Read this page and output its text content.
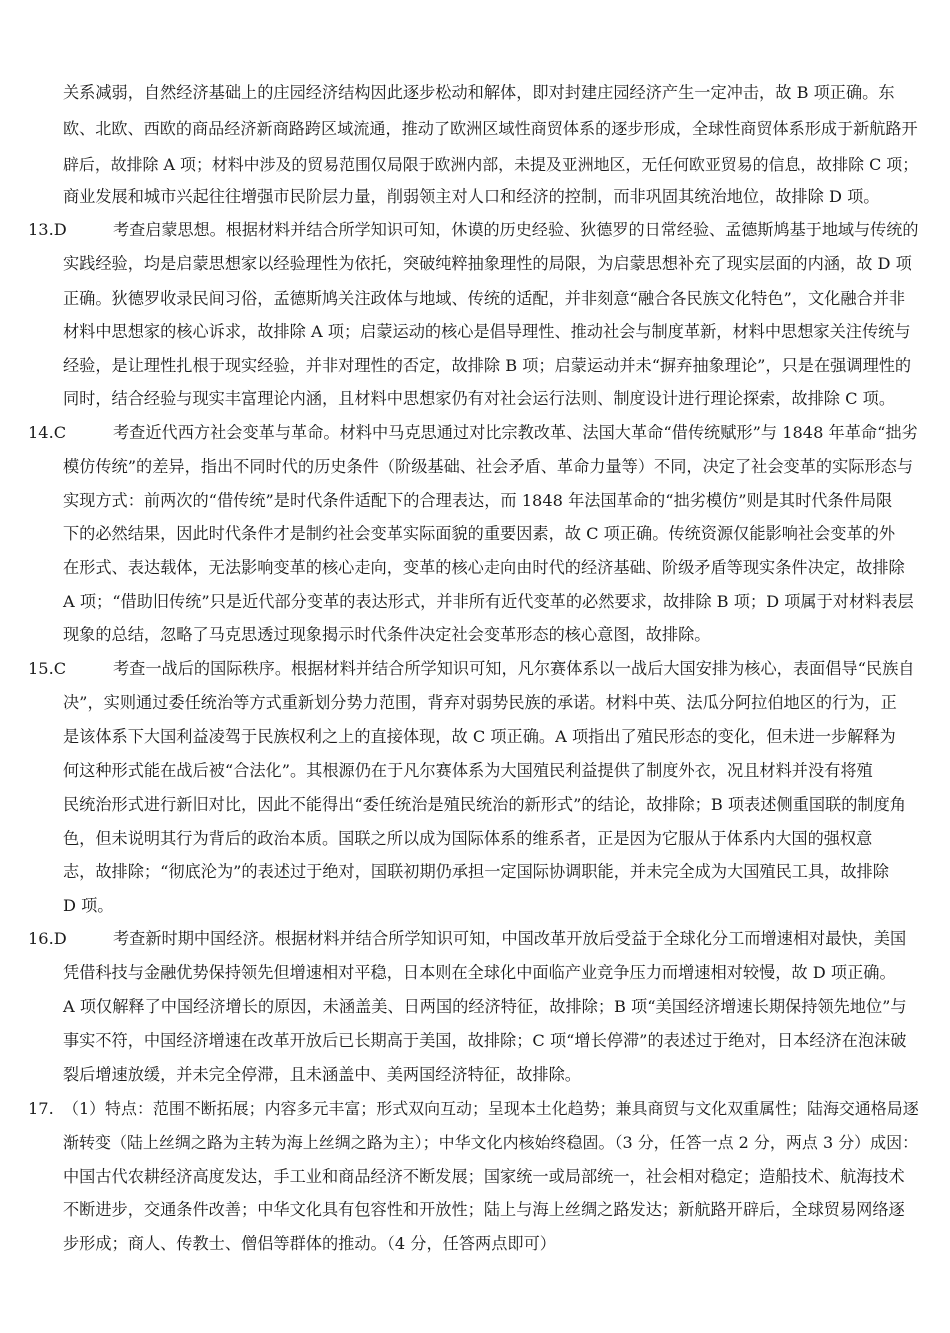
关系减弱，自然经济基础上的庄园经济结构因此逐步松动和解体，即对封建庄园经济产生一定冲击，故 B 项正确。东
欧、北欧、西欧的商品经济新商路跨区域流通，推动了欧洲区域性商贸体系的逐步形成，全球性商贸体系形成于新航路开
辟后，故排除 A 项；材料中涉及的贸易范围仅局限于欧洲内部，未提及亚洲地区，无任何欧亚贸易的信息，故排除 C 项；
商业发展和城市兴起往往增强市民阶层力量，削弱领主对人口和经济的控制，而非巩固其统治地位，故排除 D 项。
13.D	考查启蒙思想。根据材料并结合所学知识可知，休谟的历史经验、狄德罗的日常经验、孟德斯鸠基于地域与传统的
实践经验，均是启蒙思想家以经验理性为依托，突破纯粹抽象理性的局限，为启蒙思想补充了现实层面的内涵，故 D 项
正确。狄德罗收录民间习俗，孟德斯鸠关注政体与地域、传统的适配，并非刻意“融合各民族文化特色”，文化融合并非
材料中思想家的核心诉求，故排除 A 项；启蒙运动的核心是倡导理性、推动社会与制度革新，材料中思想家关注传统与
经验，是让理性扎根于现实经验，并非对理性的否定，故排除 B 项；启蒙运动并未“摒弃抽象理论”，只是在强调理性的
同时，结合经验与现实丰富理论内涵，且材料中思想家仍有对社会运行法则、制度设计进行理论探索，故排除 C 项。
14.C	考查近代西方社会变革与革命。材料中马克思通过对比宗教改革、法国大革命“借传统赋形”与 1848 年革命“拙劣
模仿传统”的差异，指出不同时代的历史条件（阶级基础、社会矛盾、革命力量等）不同，决定了社会变革的实际形态与
实现方式：前两次的“借传统”是时代条件适配下的合理表达，而 1848 年法国革命的“拙劣模仿”则是其时代条件局限
下的必然结果，因此时代条件才是制约社会变革实际面貌的重要因素，故 C 项正确。传统资源仅能影响社会变革的外
在形式、表达载体，无法影响变革的核心走向，变革的核心走向由时代的经济基础、阶级矛盾等现实条件决定，故排除
A 项；“借助旧传统”只是近代部分变革的表达形式，并非所有近代变革的必然要求，故排除 B 项；D 项属于对材料表层
现象的总结，忽略了马克思透过现象揭示时代条件决定社会变革形态的核心意图，故排除。
15.C	考查一战后的国际秩序。根据材料并结合所学知识可知，凡尔赛体系以一战后大国安排为核心，表面倡导“民族自
决”，实则通过委任统治等方式重新划分势力范围，背弃对弱势民族的承诺。材料中英、法瓜分阿拉伯地区的行为，正
是该体系下大国利益凌驾于民族权利之上的直接体现，故 C 项正确。A 项指出了殖民形态的变化，但未进一步解释为
何这种形式能在战后被“合法化”。其根源仍在于凡尔赛体系为大国殖民利益提供了制度外衣，况且材料并没有将殖
民统治形式进行新旧对比，因此不能得出“委任统治是殖民统治的新形式”的结论，故排除；B 项表述侧重国联的制度角
色，但未说明其行为背后的政治本质。国联之所以成为国际体系的维系者，正是因为它服从于体系内大国的强权意
志，故排除；“彻底沦为”的表述过于绝对，国联初期仍承担一定国际协调职能，并未完全成为大国殖民工具，故排除
D 项。
16.D	考查新时期中国经济。根据材料并结合所学知识可知，中国改革开放后受益于全球化分工而增速相对最快，美国
凭借科技与金融优势保持领先但增速相对平稳，日本则在全球化中面临产业竞争压力而增速相对较慢，故 D 项正确。
A 项仅解释了中国经济增长的原因，未涵盖美、日两国的经济特征，故排除；B 项“美国经济增速长期保持领先地位”与
事实不符，中国经济增速在改革开放后已长期高于美国，故排除；C 项“增长停滞”的表述过于绝对，日本经济在泡沫破
裂后增速放缓，并未完全停滞，且未涵盖中、美两国经济特征，故排除。
17. （1）特点：范围不断拓展；内容多元丰富；形式双向互动；呈现本土化趋势；兼具商贸与文化双重属性；陆海交通格局逐
渐转变（陆上丝绸之路为主转为海上丝绸之路为主）；中华文化内核始终稳固。（3 分，任答一点 2 分，两点 3 分）成因：
中国古代农耕经济高度发达，手工业和商品经济不断发展；国家统一或局部统一，社会相对稳定；造船技术、航海技术
不断进步，交通条件改善；中华文化具有包容性和开放性；陆上与海上丝绸之路发达；新航路开辟后，全球贸易网络逐
步形成；商人、传教士、僧侣等群体的推动。（4 分，任答两点即可）
